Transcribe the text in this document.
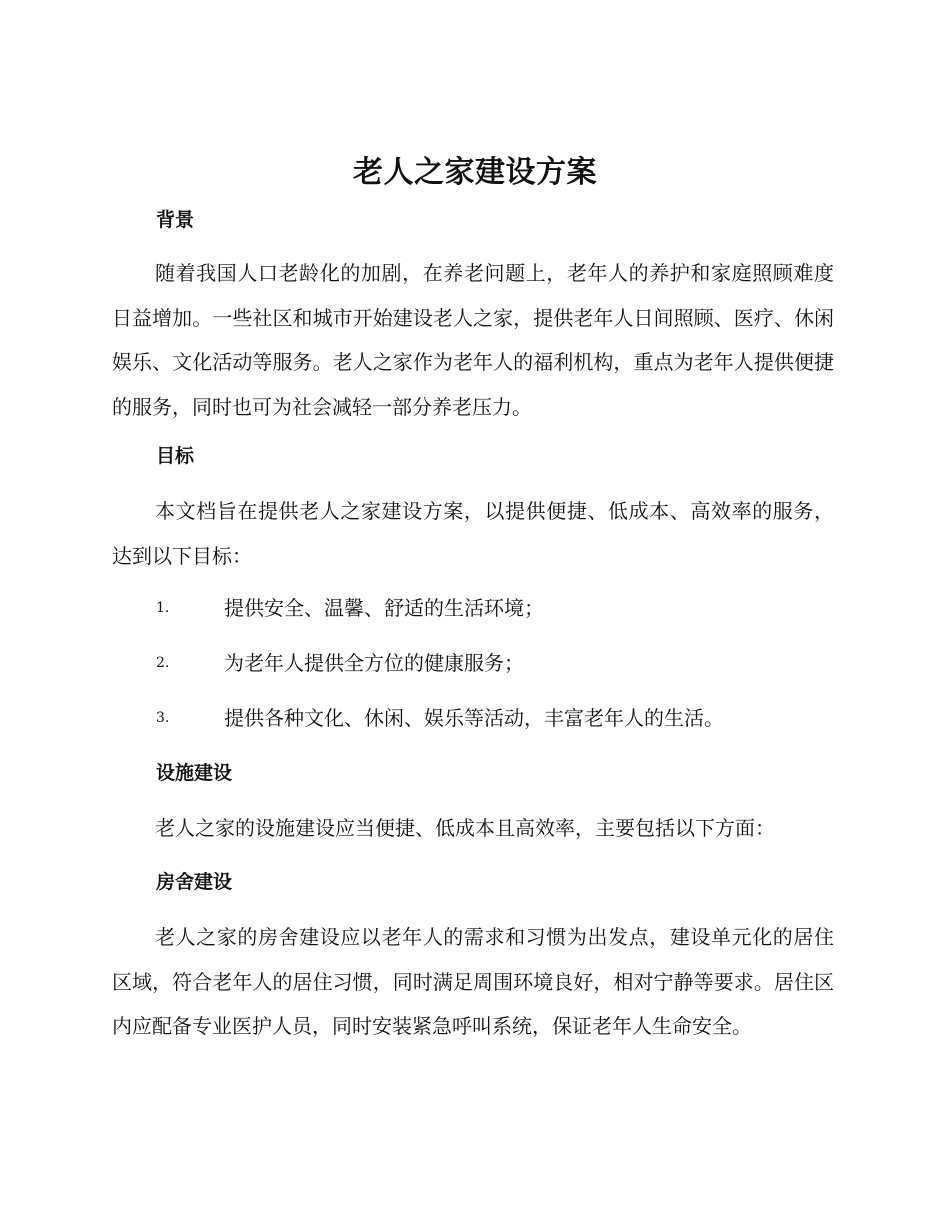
老人之家建设方案
背景

随着我国人口老龄化的加剧，在养老问题上，老年人的养护和家庭照顾难度日益增加。一些社区和城市开始建设老人之家，提供老年人日间照顾、医疗、休闲娱乐、文化活动等服务。老人之家作为老年人的福利机构，重点为老年人提供便捷的服务，同时也可为社会减轻一部分养老压力。

目标

本文档旨在提供老人之家建设方案，以提供便捷、低成本、高效率的服务，达到以下目标：

1.	提供安全、温馨、舒适的生活环境；
2.	为老年人提供全方位的健康服务；
3.	提供各种文化、休闲、娱乐等活动，丰富老年人的生活。
设施建设

老人之家的设施建设应当便捷、低成本且高效率，主要包括以下方面：

房舍建设

老人之家的房舍建设应以老年人的需求和习惯为出发点，建设单元化的居住区域，符合老年人的居住习惯，同时满足周围环境良好，相对宁静等要求。居住区内应配备专业医护人员，同时安装紧急呼叫系统，保证老年人生命安全。
